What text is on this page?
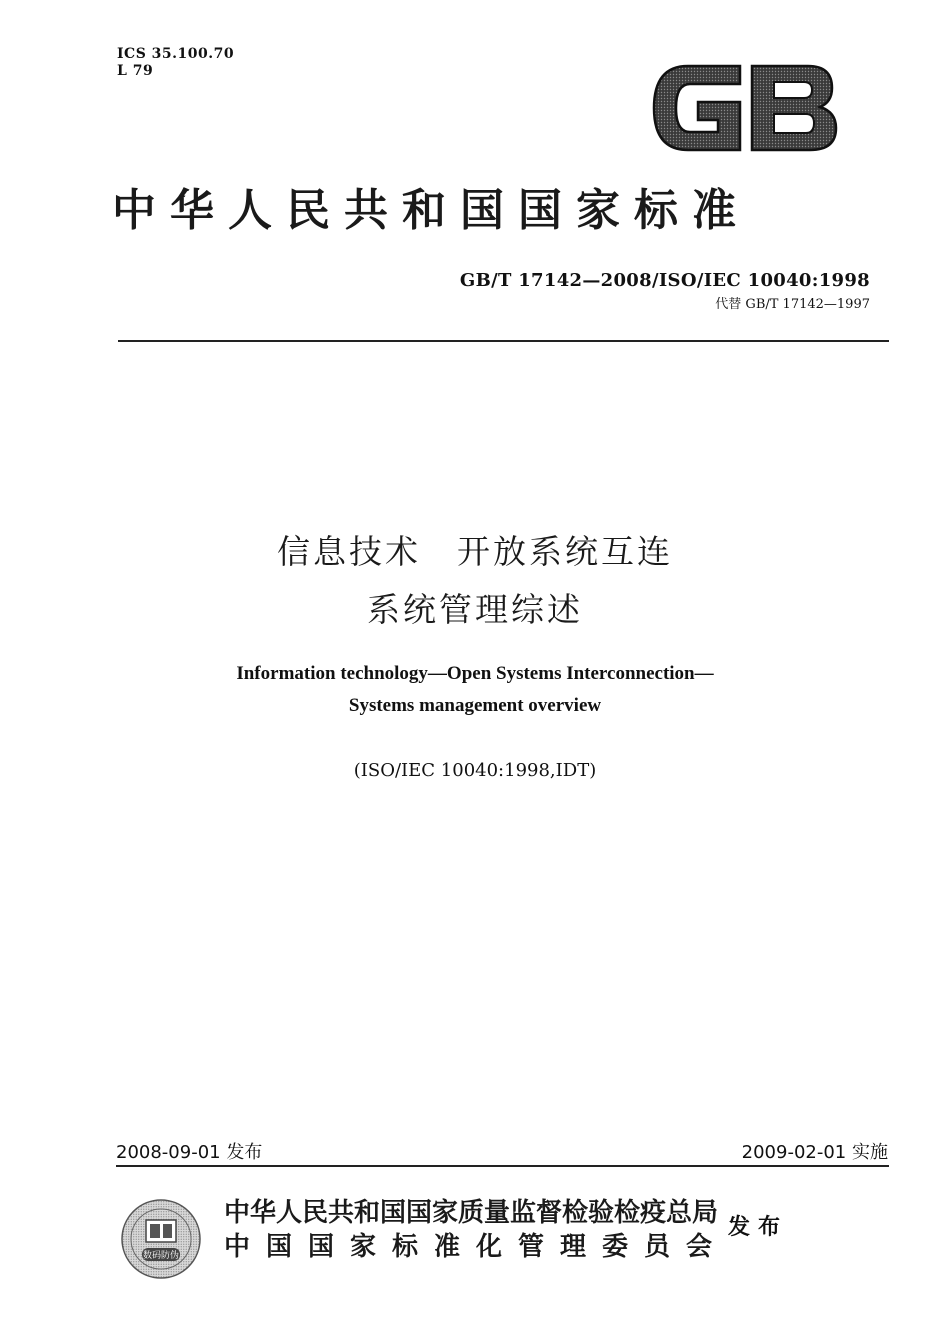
ICS 35.100.70
L 79
中华人民共和国国家标准
GB/T 17142—2008/ISO/IEC 10040:1998
代替 GB/T 17142—1997
信息技术　开放系统互连
系统管理综述
Information technology—Open Systems Interconnection—
Systems management overview
(ISO/IEC 10040:1998,IDT)
2008-09-01 发布	2009-02-01 实施
数码防伪
中华人民共和国国家质量监督检验检疫总局
中国国家标准化管理委员会
发布
